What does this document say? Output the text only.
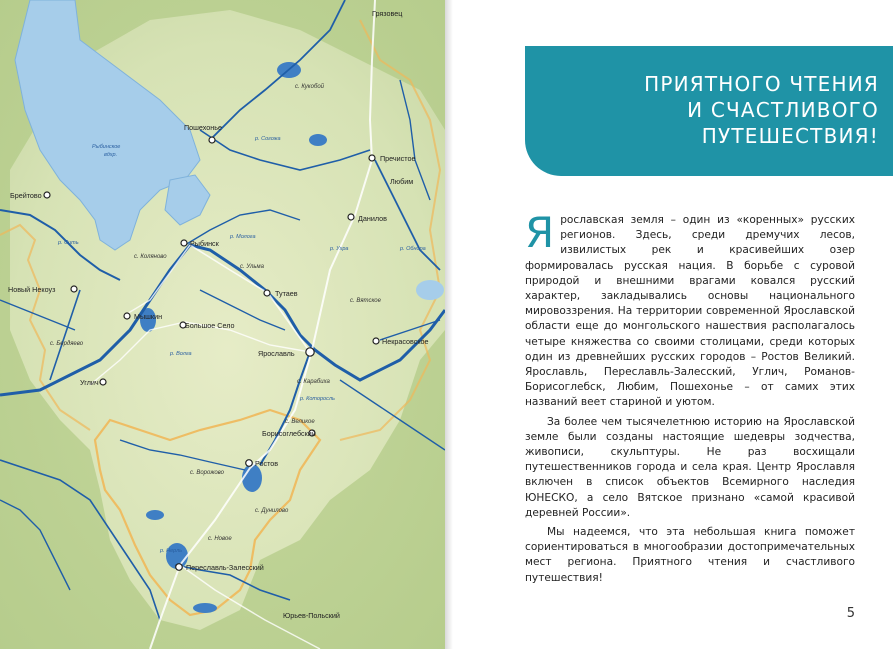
Рыбинское
вдхр.
Пошехонье
Пречистое
Любим
Брейтово
Данилов
Рыбинск
Тутаев
Новый Некоуз
Мышкин
Большое Село
Ярославль
Некрасовское
Углич
Борисоглебский
Ростов
Переславль-Залесский
Грязовец
Юрьев-Польский
с. Кукобой
с. Коляново
с. Ульма
с. Вятское
с. Карабиха
с. Великое
с. Ворожово
с. Дунилово
с. Новое
с. Бердяево
р. Сить
р. Молога
р. Волга
р. Которосль
р. Нерль
р. Ухра
р. Согожа
р. Обнора
ПРИЯТНОГО ЧТЕНИЯ
И СЧАСТЛИВОГО
ПУТЕШЕСТВИЯ!

Ярославская земля – один из «коренных» русских регионов. Здесь, среди дремучих лесов, извилистых рек и красивейших озер формировалась русская нация. В борьбе с суровой природой и внешними врагами ковался русский характер, закладывались основы национального мировоззрения. На территории современной Ярославской области еще до монгольского нашествия располагалось четыре княжества со своими столицами, среди которых один из древнейших русских городов – Ростов Великий. Ярославль, Переславль-Залесский, Углич, Романов-Борисоглебск, Любим, Пошехонье – от самих этих названий веет стариной и уютом.

За более чем тысячелетнюю историю на Ярославской земле были созданы настоящие шедевры зодчества, живописи, скульптуры. Не раз восхищали путешественников города и села края. Центр Ярославля включен в список объектов Всемирного наследия ЮНЕСКО, а село Вятское признано «самой красивой деревней России».

Мы надеемся, что эта небольшая книга поможет сориентироваться в многообразии достопримечательных мест региона. Приятного чтения и счастливого путешествия!

5
